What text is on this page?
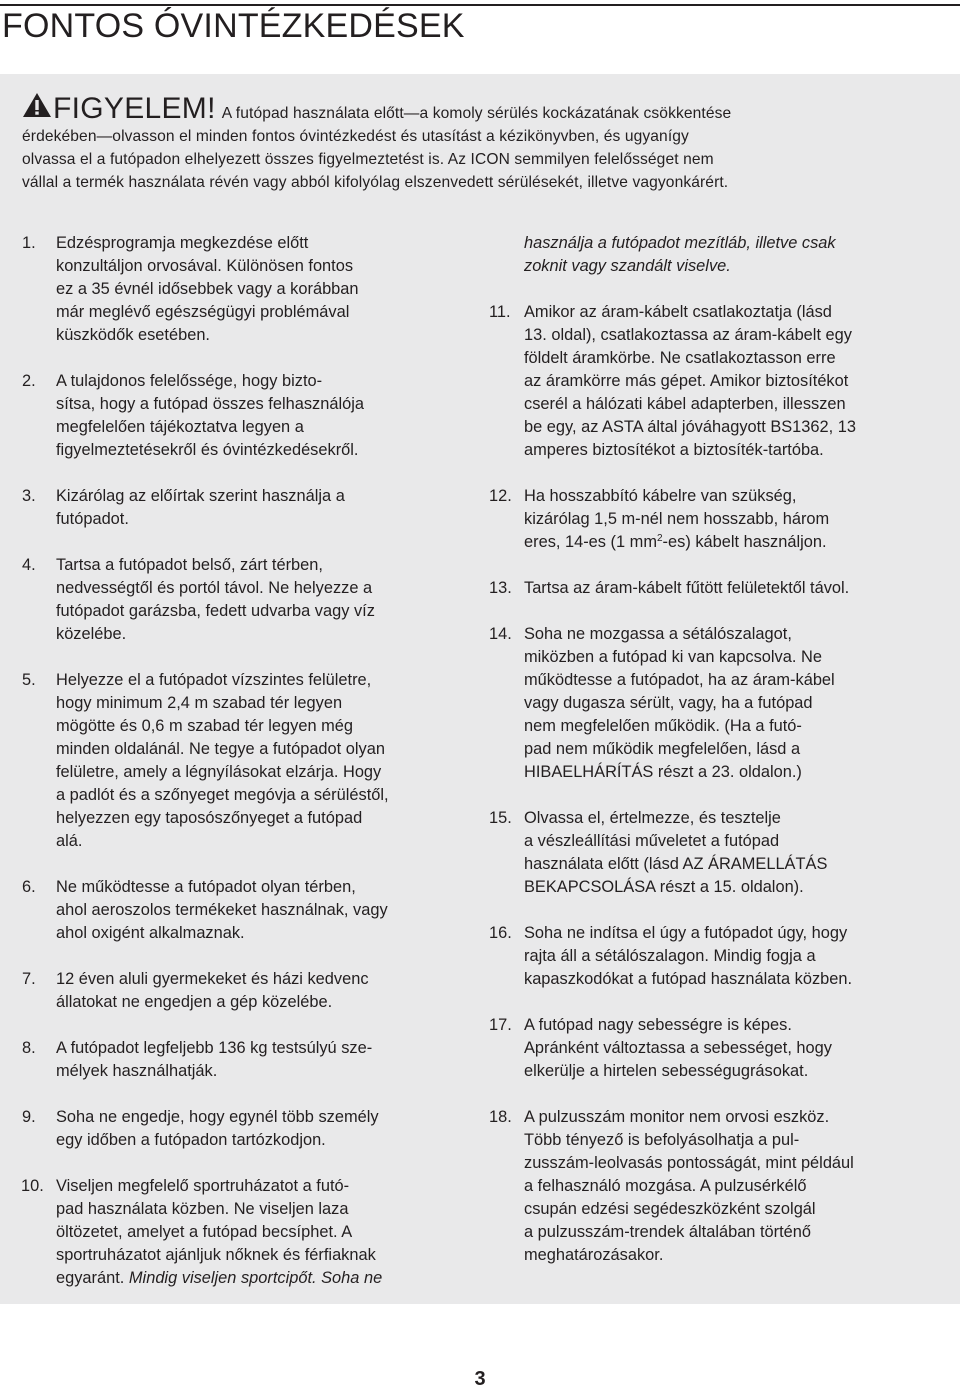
FONTOS ÓVINTÉZKEDÉSEK
FIGYELEM! A futópad használata előtt—a komoly sérülés kockázatának csökkentése
érdekében—olvasson el minden fontos óvintézkedést és utasítást a kézikönyvben, és ugyanígy
olvassa el a futópadon elhelyezett összes figyelmeztetést is. Az ICON semmilyen felelősséget nem
vállal a termék használata révén vagy abból kifolyólag elszenvedett sérülésekét, illetve vagyonkárért.
1. Edzésprogramja megkezdése előtt
konzultáljon orvosával. Különösen fontos
ez a 35 évnél idősebbek vagy a korábban
már meglévő egészségügyi problémával
küszködők esetében.
2. A tulajdonos felelőssége, hogy bizto-
sítsa, hogy a futópad összes felhasználója
megfelelően tájékoztatva legyen a
figyelmeztetésekről és óvintézkedésekről.
3. Kizárólag az előírtak szerint használja a
futópadot.
4. Tartsa a futópadot belső, zárt térben,
nedvességtől és portól távol. Ne helyezze a
futópadot garázsba, fedett udvarba vagy víz
közelébe.
5. Helyezze el a futópadot vízszintes felületre,
hogy minimum 2,4 m szabad tér legyen
mögötte és 0,6 m szabad tér legyen még
minden oldalánál. Ne tegye a futópadot olyan
felületre, amely a légnyílásokat elzárja. Hogy
a padlót és a szőnyeget megóvja a sérüléstől,
helyezzen egy taposószőnyeget a futópad
alá.
6. Ne működtesse a futópadot olyan térben,
ahol aeroszolos termékeket használnak, vagy
ahol oxigént alkalmaznak.
7. 12 éven aluli gyermekeket és házi kedvenc
állatokat ne engedjen a gép közelébe.
8. A futópadot legfeljebb 136 kg testsúlyú sze-
mélyek használhatják.
9. Soha ne engedje, hogy egynél több személy
egy időben a futópadon tartózkodjon.
10. Viseljen megfelelő sportruházatot a futó-
pad használata közben. Ne viseljen laza
öltözetet, amelyet a futópad becsíphet. A
sportruházatot ajánljuk nőknek és férfiaknak
egyaránt. Mindig viseljen sportcipőt. Soha ne
használja a futópadot mezítláb, illetve csak
zoknit vagy szandált viselve.
11. Amikor az áram-kábelt csatlakoztatja (lásd
13. oldal), csatlakoztassa az áram-kábelt egy
földelt áramkörbe. Ne csatlakoztasson erre
az áramkörre más gépet. Amikor biztosítékot
cserél a hálózati kábel adapterben, illesszen
be egy, az ASTA által jóváhagyott BS1362, 13
amperes biztosítékot a biztosíték-tartóba.
12. Ha hosszabbító kábelre van szükség,
kizárólag 1,5 m-nél nem hosszabb, három
eres, 14-es (1 $mm^2-es$) kábelt használjon.
13. Tartsa az áram-kábelt fűtött felületektől távol.
14. Soha ne mozgassa a sétálószalagot,
miközben a futópad ki van kapcsolva. Ne
működtesse a futópadot, ha az áram-kábel
vagy dugasza sérült, vagy, ha a futópad
nem megfelelően működik. (Ha a futó-
pad nem működik megfelelően, lásd a
HIBAELHÁRÍTÁS részt a 23. oldalon.)
15. Olvassa el, értelmezze, és tesztelje
a vészleállítási műveletet a futópad
használata előtt (lásd AZ ÁRAMELLÁTÁS
BEKAPCSOLÁSA részt a 15. oldalon).
16. Soha ne indítsa el úgy a futópadot úgy, hogy
rajta áll a sétálószalagon. Mindig fogja a
kapaszkodókat a futópad használata közben.
17. A futópad nagy sebességre is képes.
Apránként változtassa a sebességet, hogy
elkerülje a hirtelen sebességugrásokat.
18. A pulzusszám monitor nem orvosi eszköz.
Több tényező is befolyásolhatja a pul-
zusszám-leolvasás pontosságát, mint például
a felhasználó mozgása. A pulzusérkélő
csupán edzési segédeszközként szolgál
a pulzusszám-trendek általában történő
meghatározásakor.
3
